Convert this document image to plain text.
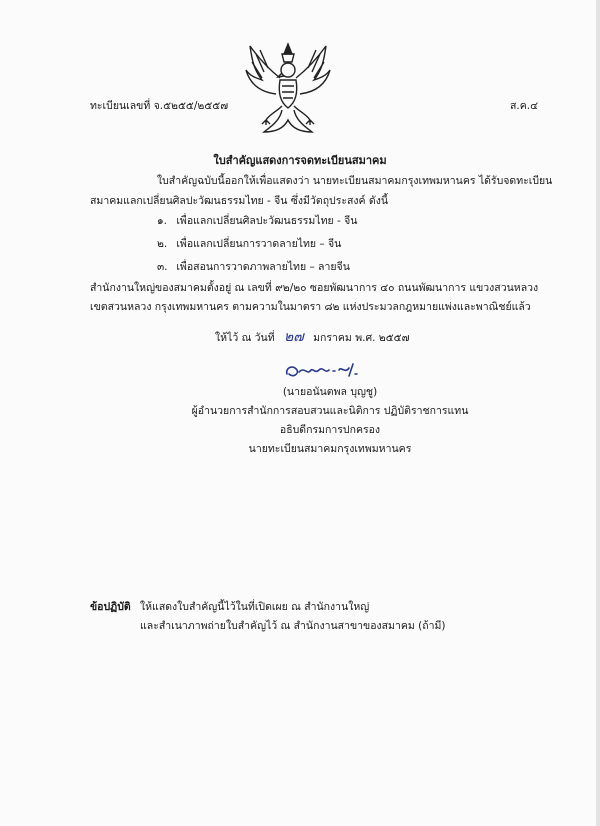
ทะเบียนเลขที่ จ.๕๒๕๕/๒๕๕๗	ส.ค.๔
ใบสำคัญแสดงการจดทะเบียนสมาคม
ใบสำคัญฉบับนี้ออกให้เพื่อแสดงว่า นายทะเบียนสมาคมกรุงเทพมหานคร ได้รับจดทะเบียน
สมาคมแลกเปลี่ยนศิลปะวัฒนธรรมไทย - จีน ซึ่งมีวัตถุประสงค์ ดังนี้
๑. เพื่อแลกเปลี่ยนศิลปะวัฒนธรรมไทย - จีน
๒. เพื่อแลกเปลี่ยนการวาดลายไทย – จีน
๓. เพื่อสอนการวาดภาพลายไทย – ลายจีน
สำนักงานใหญ่ของสมาคมตั้งอยู่ ณ เลขที่ ๙๒/๒๐ ซอยพัฒนาการ ๔๐ ถนนพัฒนาการ แขวงสวนหลวง
เขตสวนหลวง กรุงเทพมหานคร ตามความในมาตรา ๘๒ แห่งประมวลกฎหมายแพ่งและพาณิชย์แล้ว
ให้ไว้ ณ วันที่ ๒๗ มกราคม พ.ศ. ๒๕๕๗
(นายอนันตพล บุญชู)
ผู้อำนวยการสำนักการสอบสวนและนิติการ ปฏิบัติราชการแทน
อธิบดีกรมการปกครอง
นายทะเบียนสมาคมกรุงเทพมหานคร
ข้อปฏิบัติ ให้แสดงใบสำคัญนี้ไว้ในที่เปิดเผย ณ สำนักงานใหญ่
และสำเนาภาพถ่ายใบสำคัญไว้ ณ สำนักงานสาขาของสมาคม (ถ้ามี)
